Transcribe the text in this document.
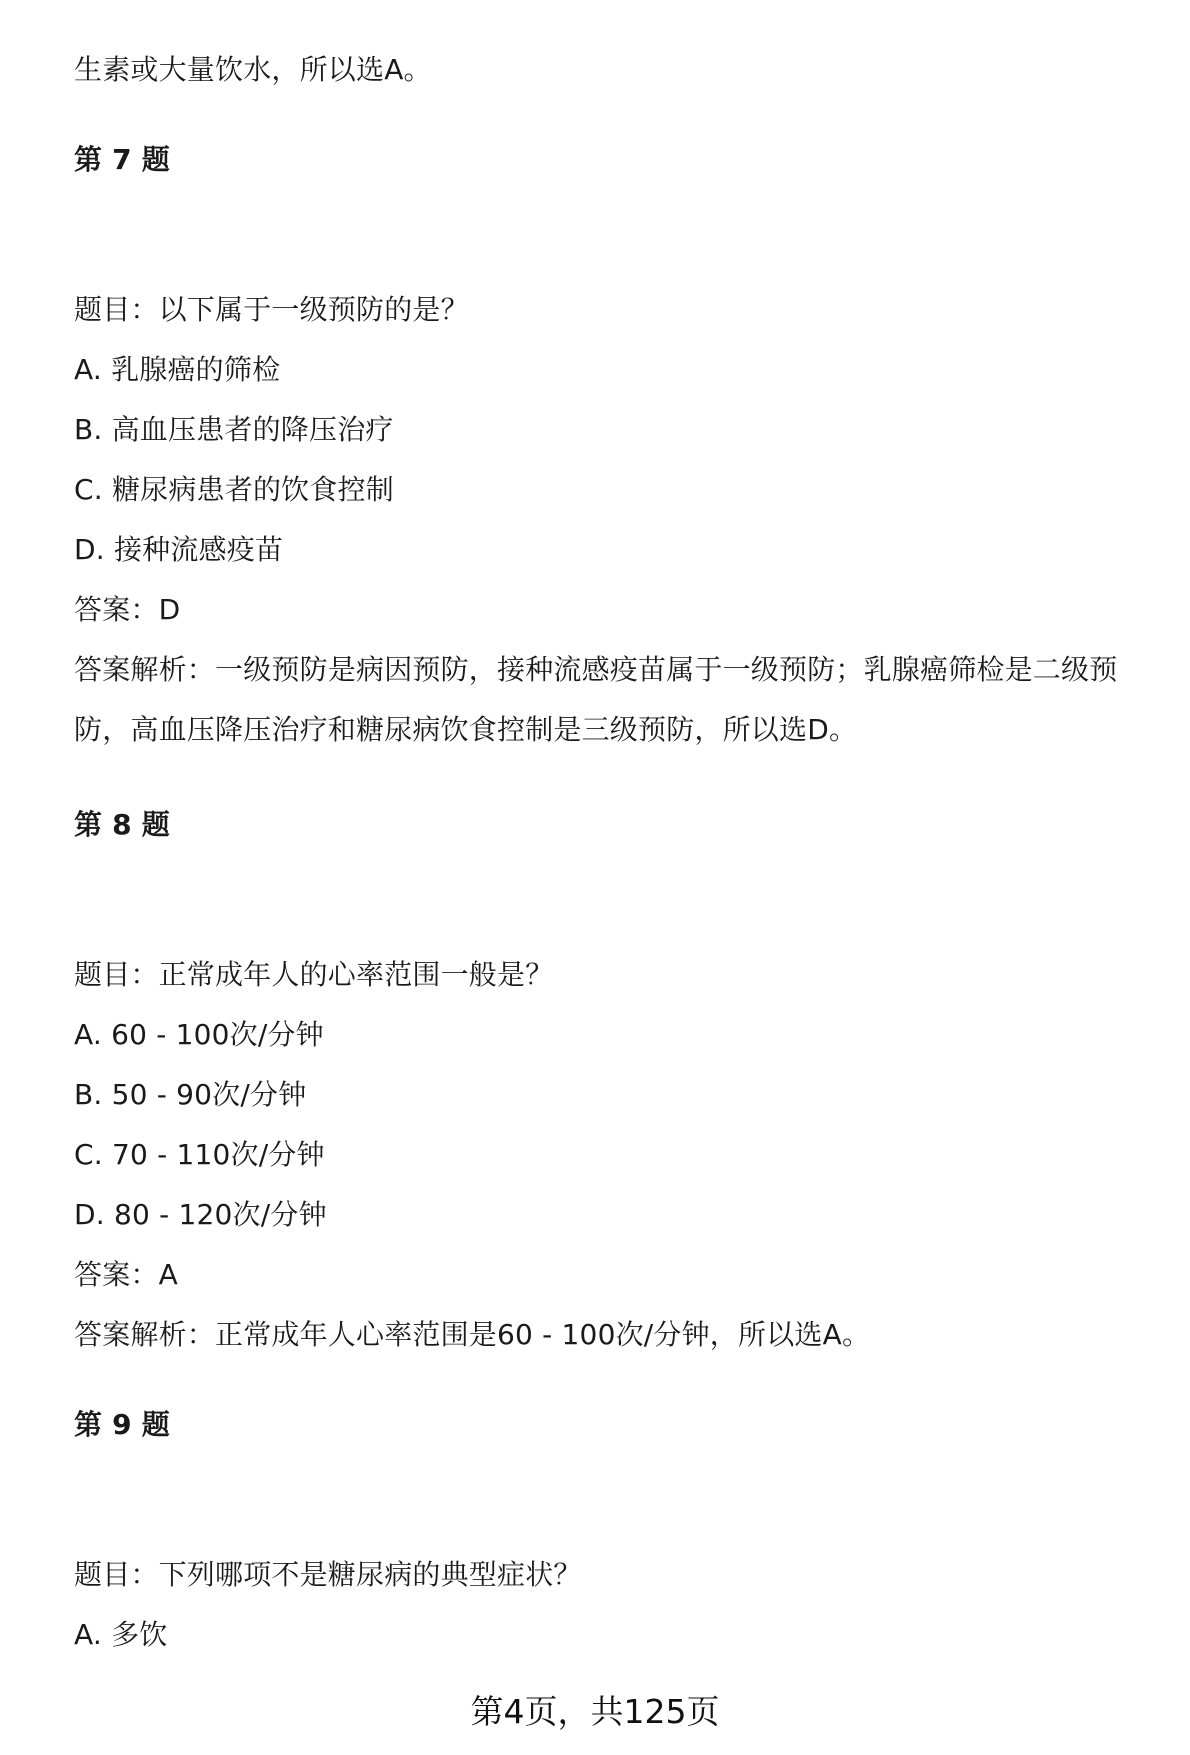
生素或大量饮水，所以选A。
第 7 题
题目：以下属于一级预防的是？
A. 乳腺癌的筛检
B. 高血压患者的降压治疗
C. 糖尿病患者的饮食控制
D. 接种流感疫苗
答案：D
答案解析：一级预防是病因预防，接种流感疫苗属于一级预防；乳腺癌筛检是二级预防，高血压降压治疗和糖尿病饮食控制是三级预防，所以选D。
第 8 题
题目：正常成年人的心率范围一般是？
A. 60 - 100次/分钟
B. 50 - 90次/分钟
C. 70 - 110次/分钟
D. 80 - 120次/分钟
答案：A
答案解析：正常成年人心率范围是60 - 100次/分钟，所以选A。
第 9 题
题目：下列哪项不是糖尿病的典型症状？
A. 多饮
第4页，共125页
